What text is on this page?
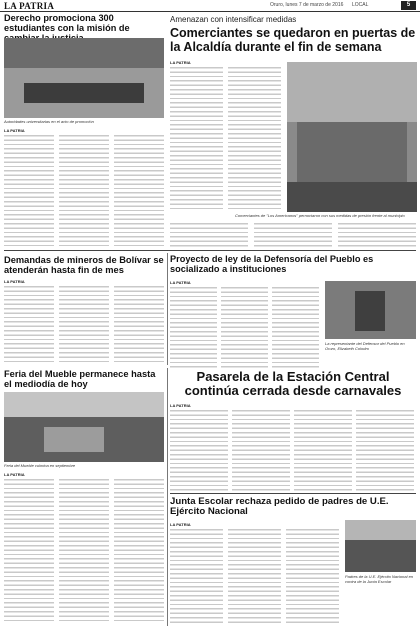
LA PATRIA	Oruro, lunes 7 de marzo de 2016 LOCAL	5
Derecho promociona 300 estudiantes con la misión de
Autoridades universitarias en el acto de promoción
LA PATRIA
Amenazan con intensificar medidas
Comerciantes se quedaron en puertas de la Alcaldía durante el fin de semana
LA PATRIA
Comerciantes de "Los Americanos" pernoctaron con sus medidas de presión frente al municipio
Demandas de mineros de Bolívar se atenderán hasta fin de mes
LA PATRIA
Proyecto de ley de la Defensoría del Pueblo es socializado a instituciones
LA PATRIA
La representante del Defensor del Pueblo en Oruro, Elizabeth Colodro
Feria del Mueble permanece hasta el mediodía de hoy
Feria del Mueble culmina en septiembre
LA PATRIA
Pasarela de la Estación Central continúa cerrada desde carnavales
LA PATRIA
Junta Escolar rechaza pedido de padres de U.E. Ejército Nacional
LA PATRIA
Padres de la U.E. Ejército Nacional en contra de la Junta Escolar
